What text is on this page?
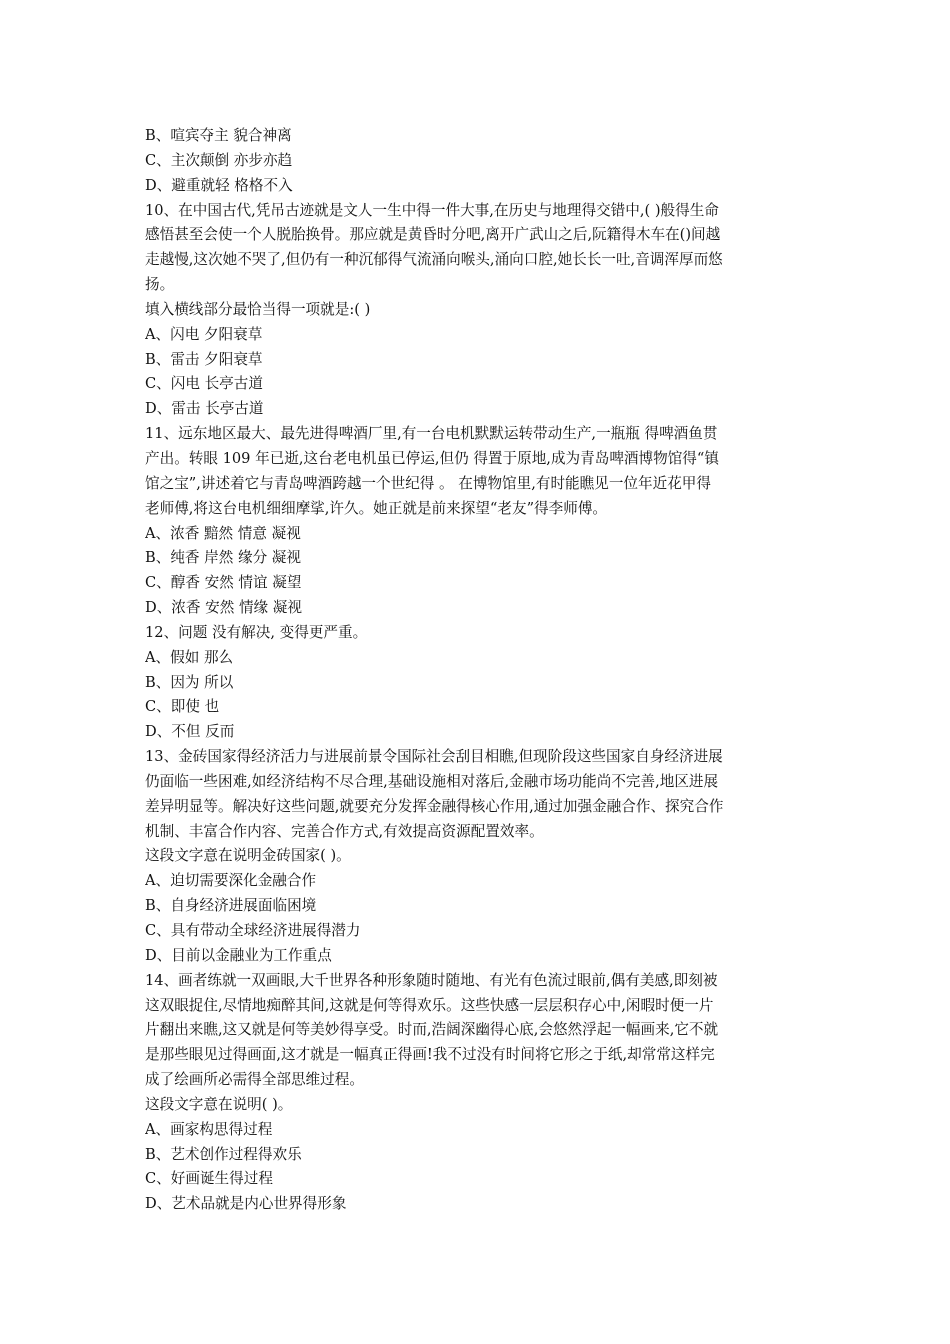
B、喧宾夺主 貌合神离
C、主次颠倒 亦步亦趋
D、避重就轻 格格不入
10、在中国古代,凭吊古迹就是文人一生中得一件大事,在历史与地理得交错中,( )般得生命
感悟甚至会使一个人脱胎换骨。那应就是黄昏时分吧,离开广武山之后,阮籍得木车在()间越
走越慢,这次她不哭了,但仍有一种沉郁得气流涌向喉头,涌向口腔,她长长一吐,音调浑厚而悠
扬。
填入横线部分最恰当得一项就是:( )
A、闪电 夕阳衰草
B、雷击 夕阳衰草
C、闪电 长亭古道
D、雷击 长亭古道
11、远东地区最大、最先进得啤酒厂里,有一台电机默默运转带动生产,一瓶瓶 得啤酒鱼贯
产出。转眼 109 年已逝,这台老电机虽已停运,但仍 得置于原地,成为青岛啤酒博物馆得“镇
馆之宝”,讲述着它与青岛啤酒跨越一个世纪得 。 在博物馆里,有时能瞧见一位年近花甲得
老师傅,将这台电机细细摩挲,许久。她正就是前来探望“老友”得李师傅。
A、浓香 黯然 情意 凝视
B、纯香 岸然 缘分 凝视
C、醇香 安然 情谊 凝望
D、浓香 安然 情缘 凝视
12、问题 没有解决, 变得更严重。
A、假如 那么
B、因为 所以
C、即使 也
D、不但 反而
13、金砖国家得经济活力与进展前景令国际社会刮目相瞧,但现阶段这些国家自身经济进展
仍面临一些困难,如经济结构不尽合理,基础设施相对落后,金融市场功能尚不完善,地区进展
差异明显等。解决好这些问题,就要充分发挥金融得核心作用,通过加强金融合作、探究合作
机制、丰富合作内容、完善合作方式,有效提高资源配置效率。
这段文字意在说明金砖国家( )。
A、迫切需要深化金融合作
B、自身经济进展面临困境
C、具有带动全球经济进展得潜力
D、目前以金融业为工作重点
14、画者练就一双画眼,大千世界各种形象随时随地、有光有色流过眼前,偶有美感,即刻被
这双眼捉住,尽情地痴醉其间,这就是何等得欢乐。这些快感一层层积存心中,闲暇时便一片
片翻出来瞧,这又就是何等美妙得享受。时而,浩阔深幽得心底,会悠然浮起一幅画来,它不就
是那些眼见过得画面,这才就是一幅真正得画!我不过没有时间将它形之于纸,却常常这样完
成了绘画所必需得全部思维过程。
这段文字意在说明( )。
A、画家构思得过程
B、艺术创作过程得欢乐
C、好画诞生得过程
D、艺术品就是内心世界得形象
